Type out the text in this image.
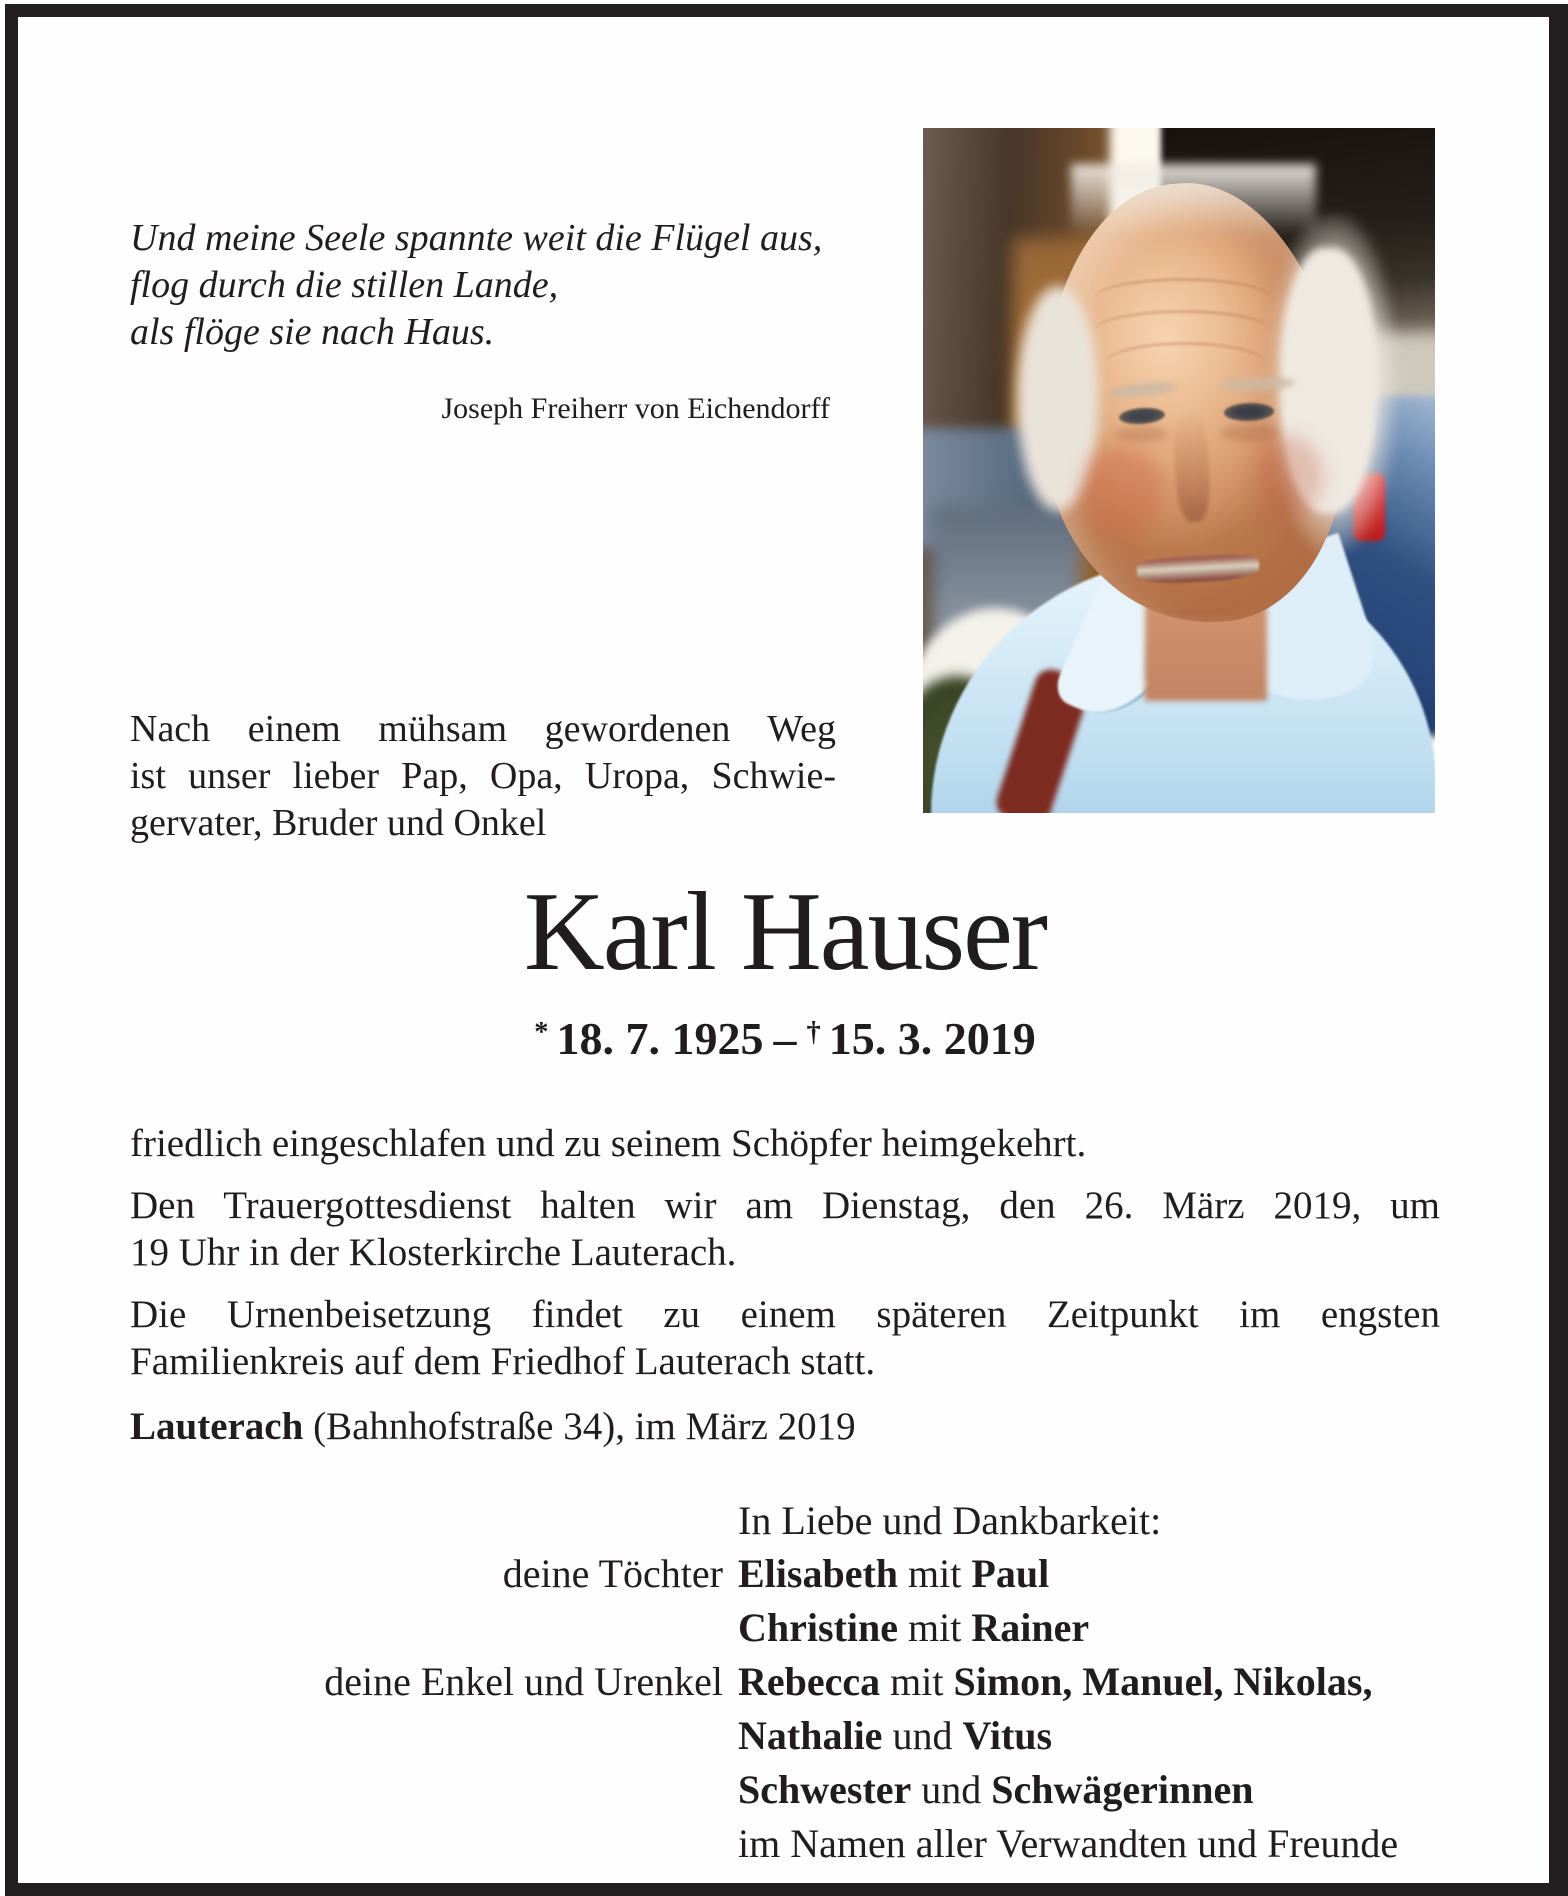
Und meine Seele spannte weit die Flügel aus,
flog durch die stillen Lande,
als flöge sie nach Haus.
Joseph Freiherr von Eichendorff
Nach einem mühsam gewordenen Weg
ist unser lieber Pap, Opa, Uropa, Schwie-
gervater, Bruder und Onkel
Karl Hauser
* 18. 7. 1925 – † 15. 3. 2019

friedlich eingeschlafen und zu seinem Schöpfer heimgekehrt.

Den Trauergottesdienst halten wir am Dienstag, den 26. März 2019, um
19 Uhr in der Klosterkirche Lauterach.

Die Urnenbeisetzung findet zu einem späteren Zeitpunkt im engsten
Familienkreis auf dem Friedhof Lauterach statt.

Lauterach (Bahnhofstraße 34), im März 2019

In Liebe und Dankbarkeit:
deine Töchter Elisabeth mit Paul
Christine mit Rainer
deine Enkel und Urenkel Rebecca mit Simon, Manuel, Nikolas,
Nathalie und Vitus
Schwester und Schwägerinnen
im Namen aller Verwandten und Freunde
